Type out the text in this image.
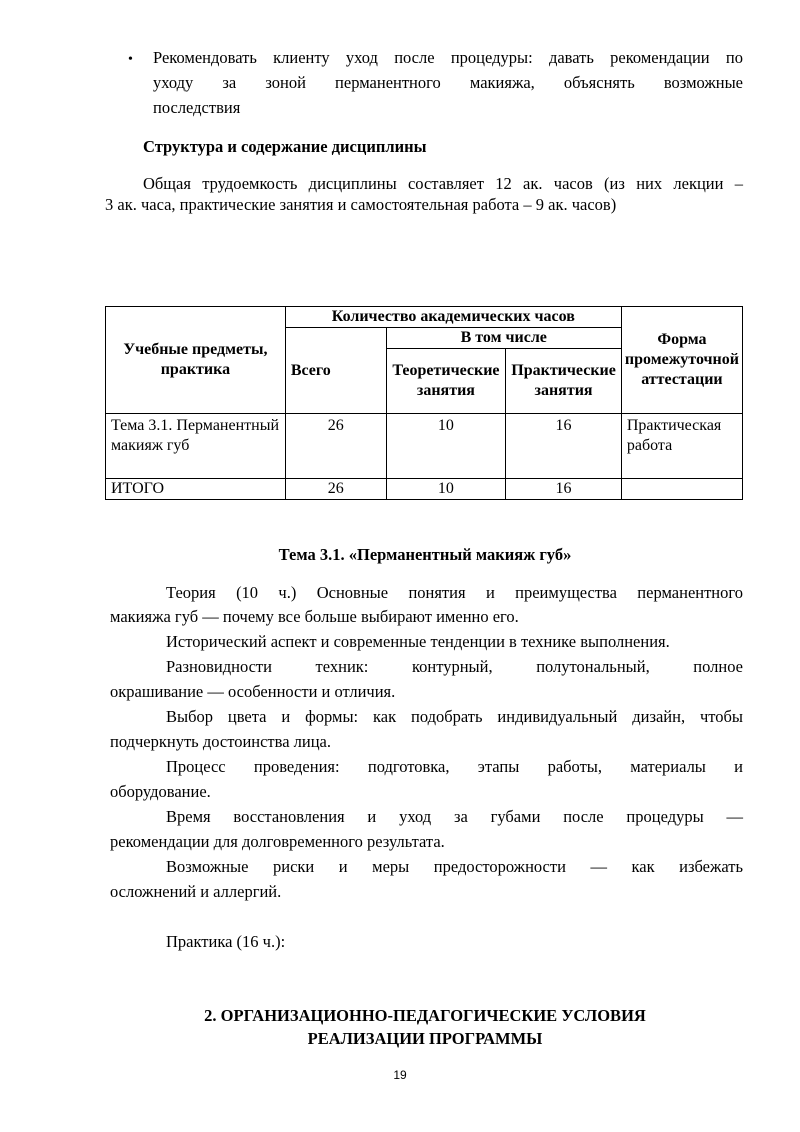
• Рекомендовать клиенту уход после процедуры: давать рекомендации по
уходу за зоной перманентного макияжа, объяснять возможные
последствия
Структура и содержание дисциплины
Общая трудоемкость дисциплины составляет 12 ак. часов (из них лекции –
3 ак. часа, практические занятия и самостоятельная работа – 9 ак. часов)
Учебные предметы, практика	Количество академических часов			Форма промежуточной аттестации
	Всего	В том числе		
		Теоретические занятия	Практические занятия	
Тема 3.1. Перманентный макияж губ	26	10	16	Практическая работа
ИТОГО	26	10	16	
Тема 3.1. «Перманентный макияж губ»
Теория (10 ч.) Основные понятия и преимущества перманентного
макияжа губ — почему все больше выбирают именно его.
Исторический аспект и современные тенденции в технике выполнения.
Разновидности техник: контурный, полутональный, полное
окрашивание — особенности и отличия.
Выбор цвета и формы: как подобрать индивидуальный дизайн, чтобы
подчеркнуть достоинства лица.
Процесс проведения: подготовка, этапы работы, материалы и
оборудование.
Время восстановления и уход за губами после процедуры —
рекомендации для долговременного результата.
Возможные риски и меры предосторожности — как избежать
осложнений и аллергий.
Практика (16 ч.):
2. ОРГАНИЗАЦИОННО-ПЕДАГОГИЧЕСКИЕ УСЛОВИЯ
РЕАЛИЗАЦИИ ПРОГРАММЫ
19
